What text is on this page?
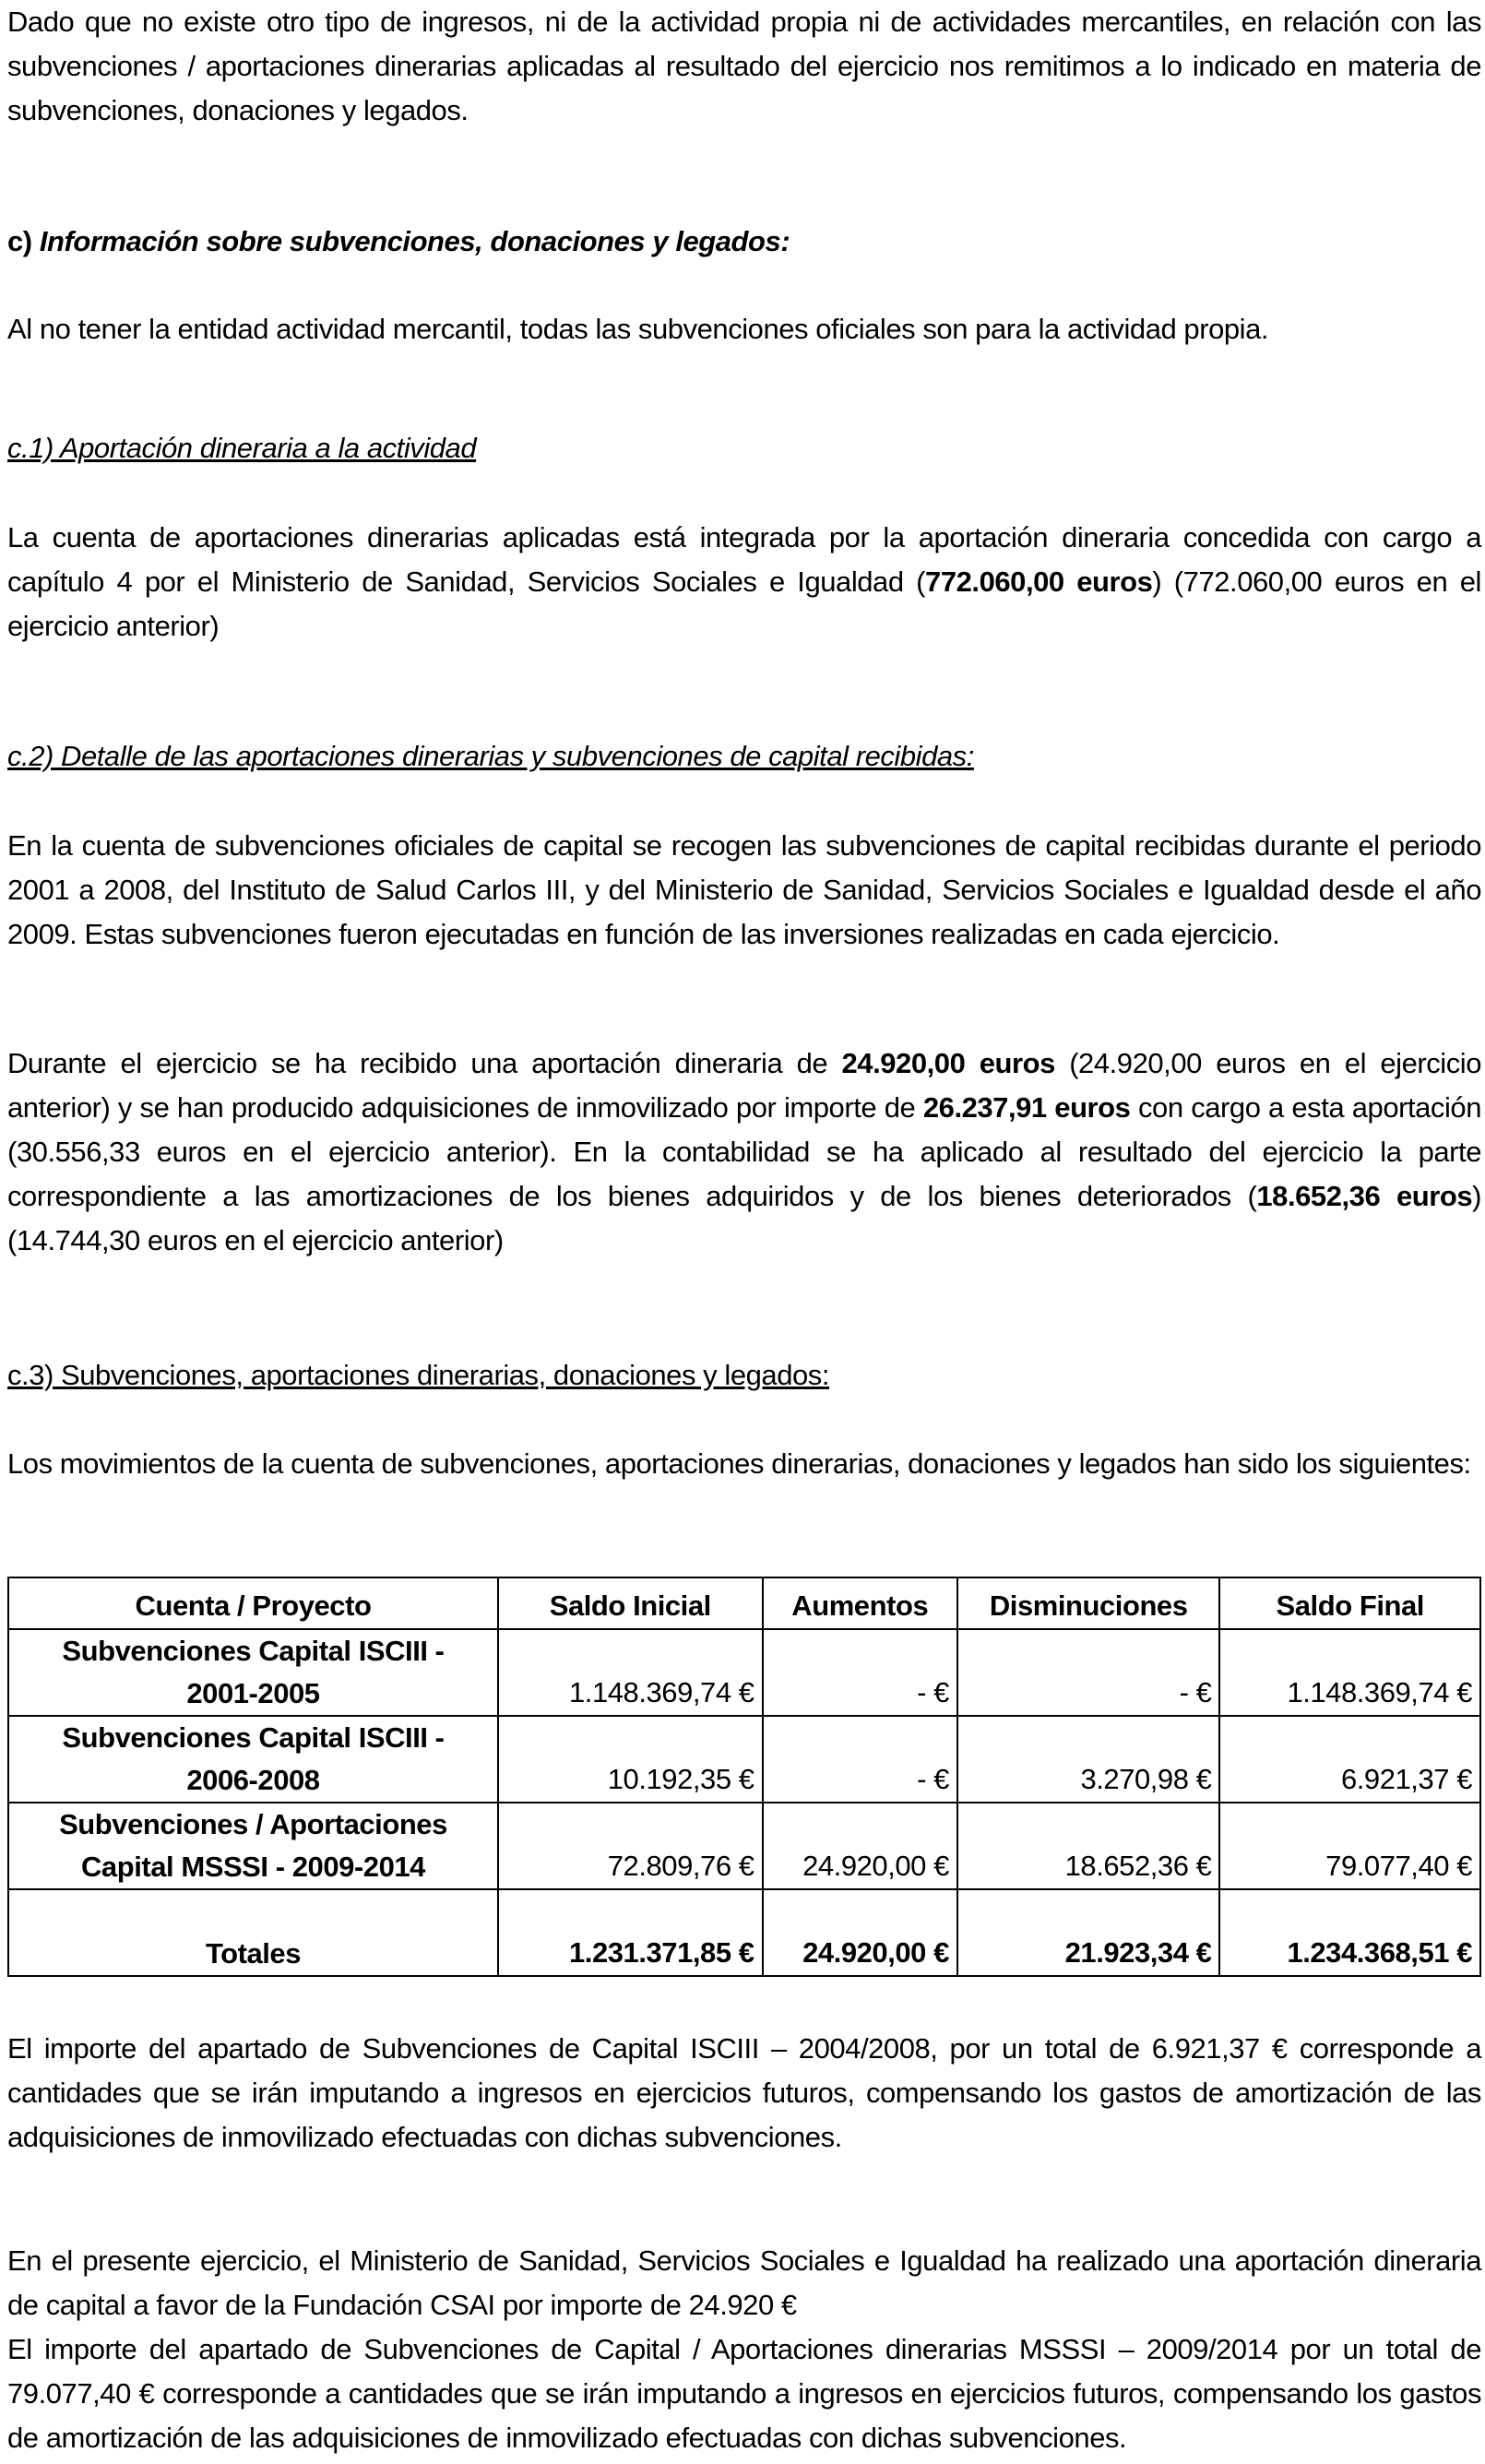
Dado que no existe otro tipo de ingresos, ni de la actividad propia ni de actividades mercantiles, en relación con las subvenciones / aportaciones dinerarias aplicadas al resultado del ejercicio nos remitimos a lo indicado en materia de subvenciones, donaciones y legados.

c) Información sobre subvenciones, donaciones y legados:

Al no tener la entidad actividad mercantil, todas las subvenciones oficiales son para la actividad propia.

c.1) Aportación dineraria a la actividad

La cuenta de aportaciones dinerarias aplicadas está integrada por la aportación dineraria concedida con cargo a capítulo 4 por el Ministerio de Sanidad, Servicios Sociales e Igualdad (772.060,00 euros) (772.060,00 euros en el ejercicio anterior)

c.2) Detalle de las aportaciones dinerarias y subvenciones de capital recibidas:

En la cuenta de subvenciones oficiales de capital se recogen las subvenciones de capital recibidas durante el periodo 2001 a 2008, del Instituto de Salud Carlos III, y del Ministerio de Sanidad, Servicios Sociales e Igualdad desde el año 2009. Estas subvenciones fueron ejecutadas en función de las inversiones realizadas en cada ejercicio.

Durante el ejercicio se ha recibido una aportación dineraria de 24.920,00 euros (24.920,00 euros en el ejercicio anterior) y se han producido adquisiciones de inmovilizado por importe de 26.237,91 euros con cargo a esta aportación (30.556,33 euros en el ejercicio anterior). En la contabilidad se ha aplicado al resultado del ejercicio la parte correspondiente a las amortizaciones de los bienes adquiridos y de los bienes deteriorados (18.652,36 euros) (14.744,30 euros en el ejercicio anterior)

c.3) Subvenciones, aportaciones dinerarias, donaciones y legados:

Los movimientos de la cuenta de subvenciones, aportaciones dinerarias, donaciones y legados han sido los siguientes:

Cuenta / Proyecto	Saldo Inicial	Aumentos	Disminuciones	Saldo Final
Subvenciones Capital ISCIII -
2001-2005	1.148.369,74 €	- €	- €	1.148.369,74 €
Subvenciones Capital ISCIII -
2006-2008	10.192,35 €	- €	3.270,98 €	6.921,37 €
Subvenciones / Aportaciones
Capital MSSSI - 2009-2014	72.809,76 €	24.920,00 €	18.652,36 €	79.077,40 €
Totales	1.231.371,85 €	24.920,00 €	21.923,34 €	1.234.368,51 €

El importe del apartado de Subvenciones de Capital ISCIII – 2004/2008, por un total de 6.921,37 € corresponde a cantidades que se irán imputando a ingresos en ejercicios futuros, compensando los gastos de amortización de las adquisiciones de inmovilizado efectuadas con dichas subvenciones.

En el presente ejercicio, el Ministerio de Sanidad, Servicios Sociales e Igualdad ha realizado una aportación dineraria de capital a favor de la Fundación CSAI por importe de 24.920 €

El importe del apartado de Subvenciones de Capital / Aportaciones dinerarias MSSSI – 2009/2014 por un total de 79.077,40 € corresponde a cantidades que se irán imputando a ingresos en ejercicios futuros, compensando los gastos de amortización de las adquisiciones de inmovilizado efectuadas con dichas subvenciones.
